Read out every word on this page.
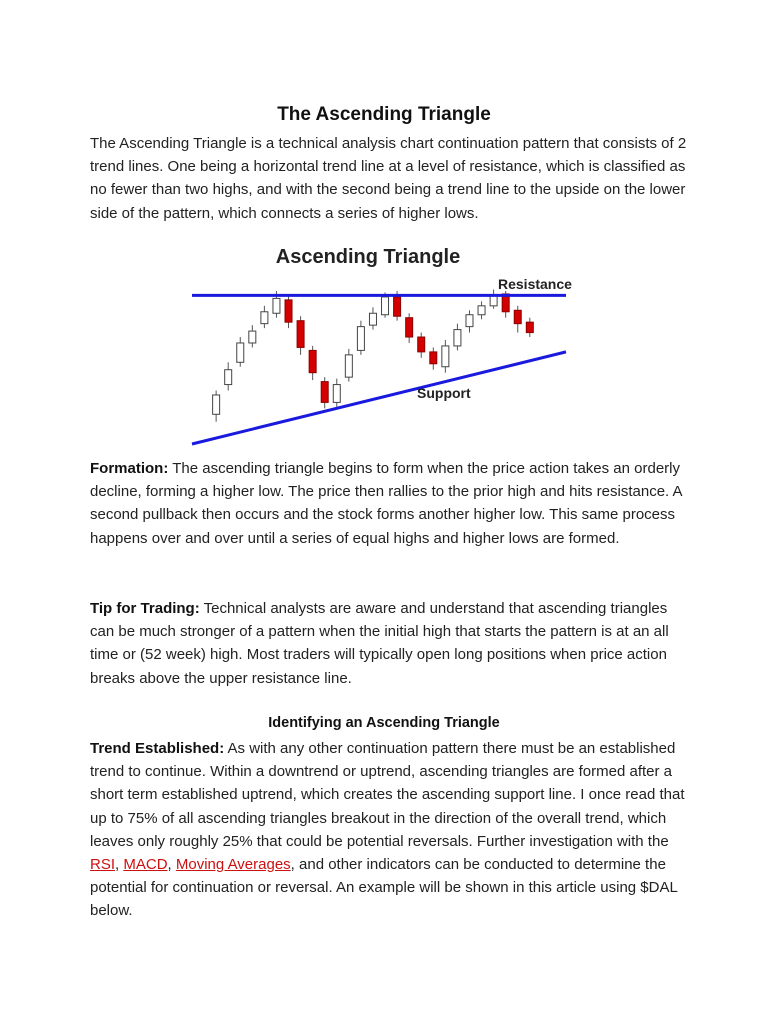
The Ascending Triangle

The Ascending Triangle is a technical analysis chart continuation pattern that consists of 2 trend lines. One being a horizontal trend line at a level of resistance, which is classified as no fewer than two highs, and with the second being a trend line to the upside on the lower side of the pattern, which connects a series of higher lows.

Ascending Triangle
Resistance
Support

Formation: The ascending triangle begins to form when the price action takes an orderly decline, forming a higher low. The price then rallies to the prior high and hits resistance. A second pullback then occurs and the stock forms another higher low. This same process happens over and over until a series of equal highs and higher lows are formed.

Tip for Trading: Technical analysts are aware and understand that ascending triangles can be much stronger of a pattern when the initial high that starts the pattern is at an all time or (52 week) high. Most traders will typically open long positions when price action breaks above the upper resistance line.

Identifying an Ascending Triangle

Trend Established: As with any other continuation pattern there must be an established trend to continue. Within a downtrend or uptrend, ascending triangles are formed after a short term established uptrend, which creates the ascending support line. I once read that up to 75% of all ascending triangles breakout in the direction of the overall trend, which leaves only roughly 25% that could be potential reversals. Further investigation with the RSI, MACD, Moving Averages, and other indicators can be conducted to determine the potential for continuation or reversal. An example will be shown in this article using $DAL below.
